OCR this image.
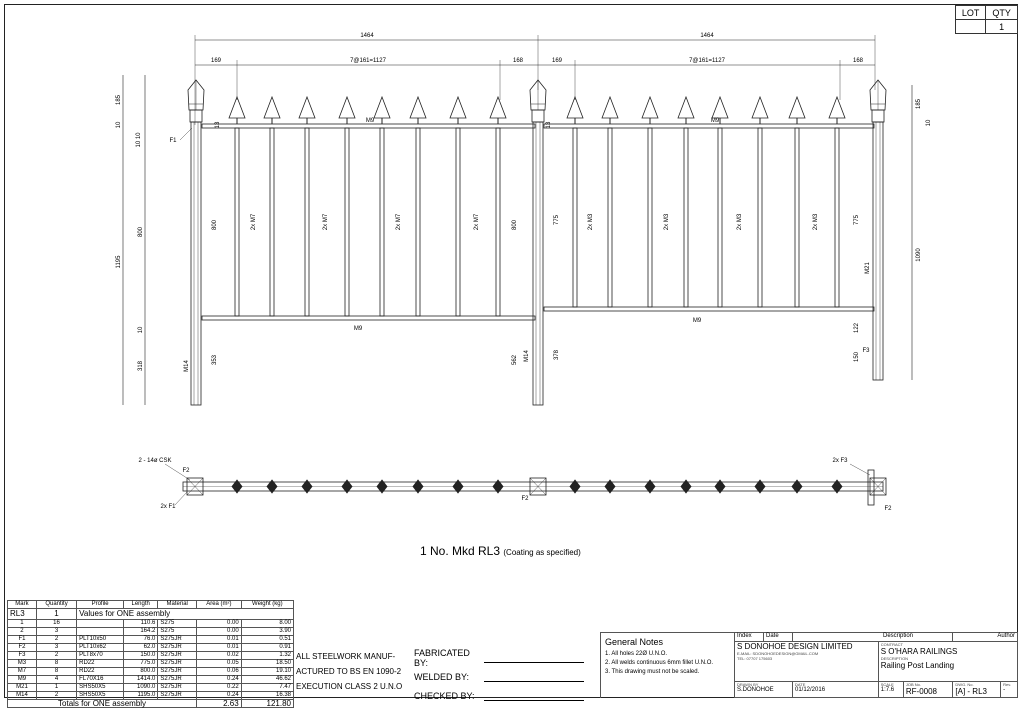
LOT	QTY
	1
1464	1464
169	7@161=1127	168	169	7@161=1127	168
185
10
10 10
1195
800
10
318
185
10
1090
M9	M9
M9
M9
2x M7	2x M7	2x M7	2x M7	2x M3	2x M3	2x M3	2x M3
13	13
800	800	775	775
353	562	378
122
150
M14
M14
M21
F1
F3
2 - 14ø CSK
F2
2x F1
F2
2x F3
F2
1 No. Mkd RL3 (Coating as specified)
Mark	Quantity	Profile	Length	Material	Area (m²)	Weight (kg)
RL3	1	Values for ONE assembly				
1	16		110.6	S275	0.00	8.00
2	3		164.2	S275	0.00	3.90
F1	2	PLT10x50	76.0	S275JR	0.01	0.51
F2	3	PLT10x62	62.0	S275JR	0.01	0.91
F3	2	PLT8x70	150.0	S275JR	0.02	1.32
M3	8	RD22	775.0	S275JR	0.05	18.50
M7	8	RD22	800.0	S275JR	0.06	19.10
M9	4	FL70X16	1414.0	S275JR	0.24	46.62
M21	1	SHS50X5	1090.0	S275JR	0.22	7.47
M14	2	SHS50X5	1195.0	S275JR	0.24	16.38
Totals for ONE assembly					2.63	121.80
ALL STEELWORK MANUF-
ACTURED TO BS EN 1090-2
EXECUTION CLASS 2 U.N.O
FABRICATED BY:
WELDED BY:
CHECKED BY:
General Notes
1. All holes 22Ø U.N.O.
2. All welds continuous 6mm fillet U.N.O.
3. This drawing must not be scaled.
Index	Date	Description			Author	
S DONOHOE DESIGN LIMITED

E-MAIL: SDONOHOEDESIGN@GMAIL.COM
TEL: 07707 175603			CONTRACT
S O'HARA RAILINGS
DESCRIPTION
Railing Post Landing			

DRAWN BY
S.DONOHOE		DATE
01/12/2016	SCALE
1:7.6	JOB No.
RF-0008	DWG. No.
[A] - RL3	Rev.
-
